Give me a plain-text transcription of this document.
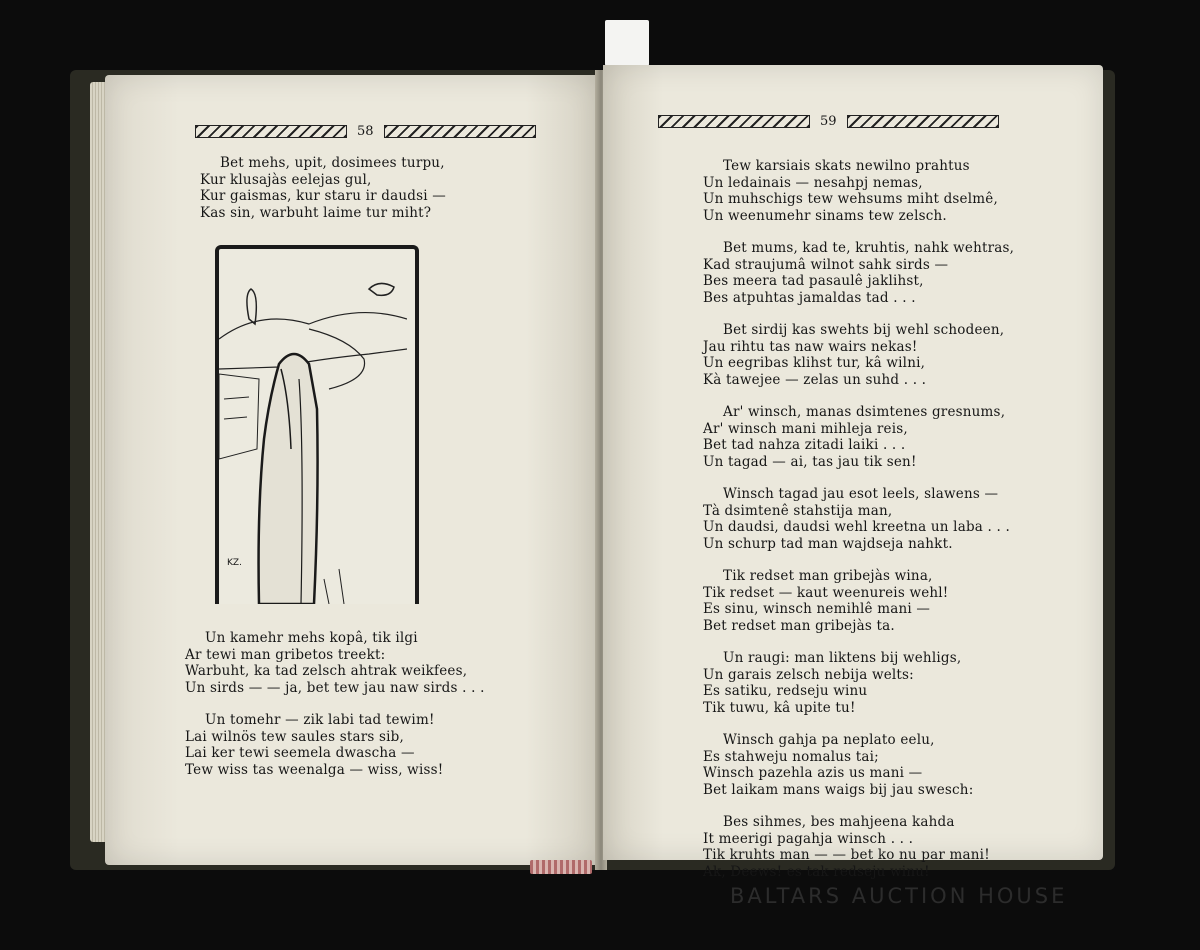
58
Bet mehs, upit, dosimees turpu,
Kur klusajàs eelejas gul,
Kur gaismas, kur staru ir daudsi —
Kas sin, warbuht laime tur miht?
KZ.
Un kamehr mehs kopâ, tik ilgi
Ar tewi man gribetos treekt:
Warbuht, ka tad zelsch ahtrak weikfees,
Un sirds — — ja, bet tew jau naw sirds . . .
Un tomehr — zik labi tad tewim!
Lai wilnös tew saules stars sib,
Lai ker tewi seemela dwascha —
Tew wiss tas weenalga — wiss, wiss!
59
Tew karsiais skats newilno prahtus
Un ledainais — nesahpj nemas,
Un muhschigs tew wehsums miht dselmê,
Un weenumehr sinams tew zelsch.
Bet mums, kad te, kruhtis, nahk wehtras,
Kad straujumâ wilnot sahk sirds —
Bes meera tad pasaulê jaklihst,
Bes atpuhtas jamaldas tad . . .
Bet sirdij kas swehts bij wehl schodeen,
Jau rihtu tas naw wairs nekas!
Un eegribas klihst tur, kâ wilni,
Kà tawejee — zelas un suhd . . .
Ar' winsch, manas dsimtenes gresnums,
Ar' winsch mani mihleja reis,
Bet tad nahza zitadi laiki . . .
Un tagad — ai, tas jau tik sen!
Winsch tagad jau esot leels, slawens —
Tà dsimtenê stahstija man,
Un daudsi, daudsi wehl kreetna un laba . . .
Un schurp tad man wajdseja nahkt.
Tik redset man gribejàs wina,
Tik redset — kaut weenureis wehl!
Es sinu, winsch nemihlê mani —
Bet redset man gribejàs ta.
Un raugi: man liktens bij wehligs,
Un garais zelsch nebija welts:
Es satiku, redseju winu
Tik tuwu, kâ upite tu!
Winsch gahja pa neplato eelu,
Es stahweju nomalus tai;
Winsch pazehla azis us mani —
Bet laikam mans waigs bij jau swesch:
Bes sihmes, bes mahjeena kahda
It meerigi pagahja winsch . . .
Tik kruhts man — — bet ko nu par mani!
Ak, Deews! es tak redseju winu!
BALTARS AUCTION HOUSE
